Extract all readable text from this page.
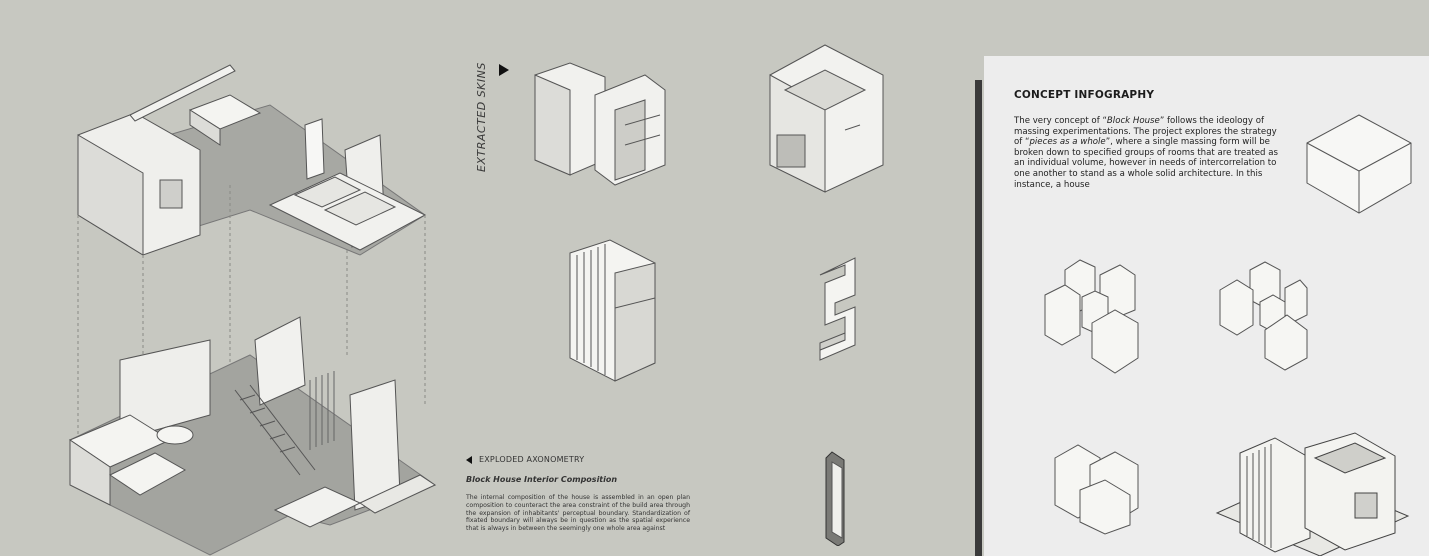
EXTRACTED SKINS
EXPLODED AXONOMETRY
Block House Interior Composition
The internal composition of the house is assembled in an open plan composition to counteract the area constraint of the build area through the expansion of inhabitants' perceptual boundary. Standardization of fixated boundary will always be in question as the spatial experience that is always in between the seemingly one whole area against
CONCEPT INFOGRAPHY
The very concept of “Block House” follows the ideology of massing experimentations. The project explores the strategy of “pieces as a whole”, where a single massing form will be broken down to specified groups of rooms that are treated as an individual volume, however in needs of intercorrelation to one another to stand as a whole solid architecture. In this instance, a house
